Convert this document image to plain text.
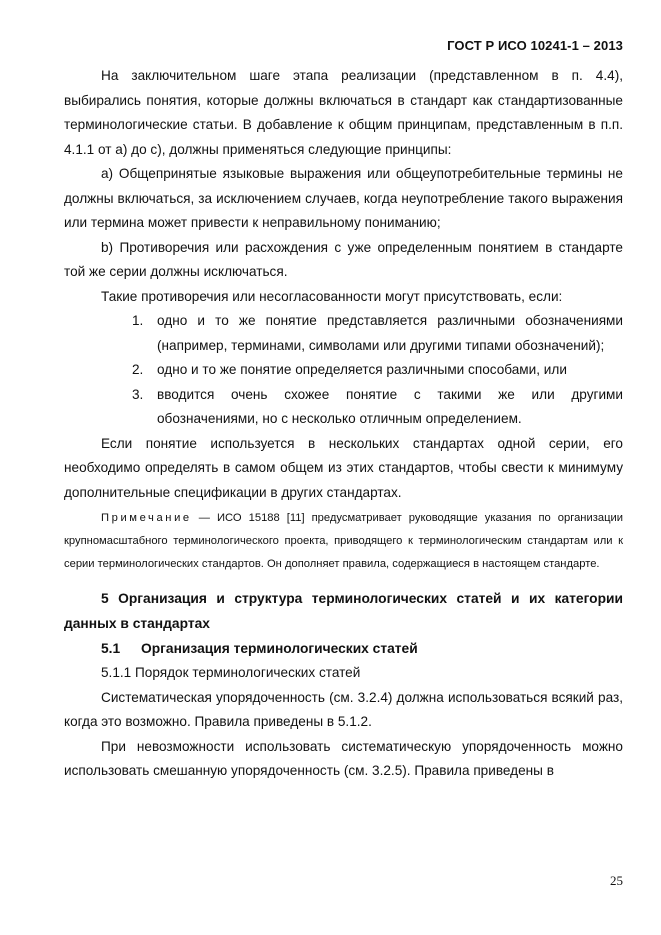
ГОСТ Р ИСО 10241-1 – 2013

На заключительном шаге этапа реализации (представленном в п. 4.4), выбирались понятия, которые должны включаться в стандарт как стандартизованные терминологические статьи. В добавление к общим принципам, представленным в п.п. 4.1.1 от а) до с), должны применяться следующие принципы:

a) Общепринятые языковые выражения или общеупотребительные термины не должны включаться, за исключением случаев, когда неупотребление такого выражения или термина может привести к неправильному пониманию;

b) Противоречия или расхождения с уже определенным понятием в стандарте той же серии должны исключаться.

Такие противоречия или несогласованности могут присутствовать, если:

1.	одно и то же понятие представляется различными обозначениями (например, терминами, символами или другими типами обозначений);
2.	одно и то же понятие определяется различными способами, или
3.	вводится очень схожее понятие с такими же или другими обозначениями, но с несколько отличным определением.

Если понятие используется в нескольких стандартах одной серии, его необходимо определять в самом общем из этих стандартов, чтобы свести к минимуму дополнительные спецификации в других стандартах.

Примечание — ИСО 15188 [11] предусматривает руководящие указания по организации крупномасштабного терминологического проекта, приводящего к терминологическим стандартам или к серии терминологических стандартов. Он дополняет правила, содержащиеся в настоящем стандарте.

5 Организация и структура терминологических статей и их категории данных в стандартах

5.1	Организация терминологических статей
5.1.1 Порядок терминологических статей

Систематическая упорядоченность (см. 3.2.4) должна использоваться всякий раз, когда это возможно. Правила приведены в 5.1.2.

При невозможности использовать систематическую упорядоченность можно использовать смешанную упорядоченность (см. 3.2.5). Правила приведены в

25
